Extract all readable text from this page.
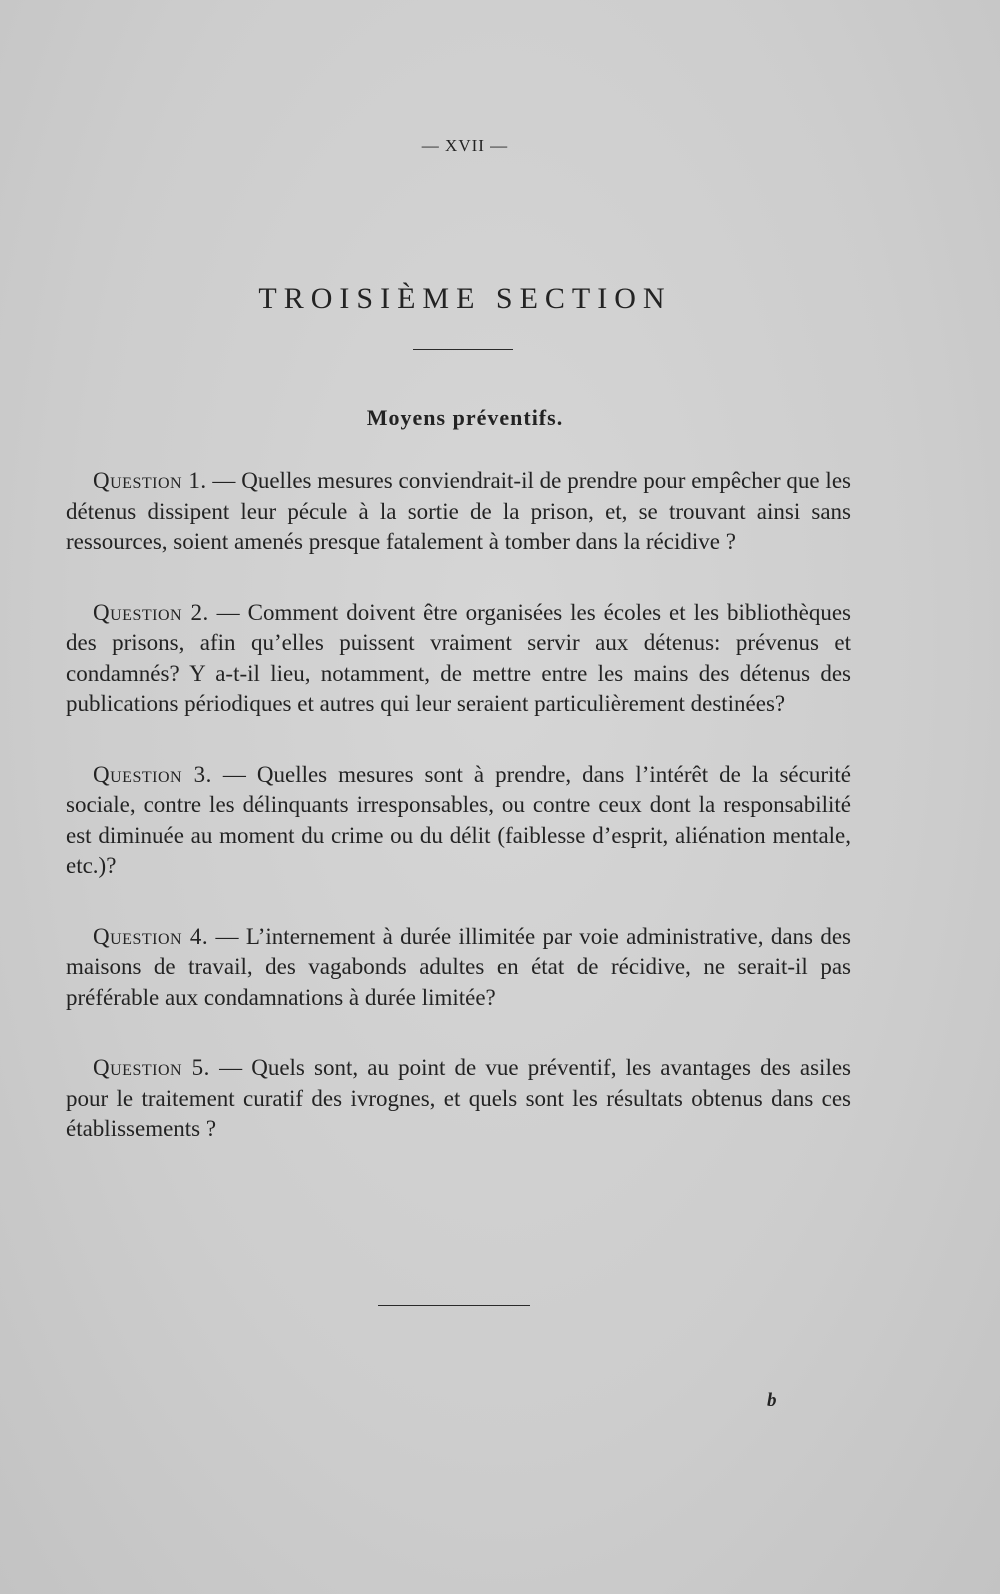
— XVII —
TROISIÈME SECTION
Moyens préventifs.

Question 1. — Quelles mesures conviendrait-il de prendre pour empêcher que les détenus dissipent leur pécule à la sortie de la prison, et, se trouvant ainsi sans ressources, soient amenés presque fatalement à tomber dans la récidive ?

Question 2. — Comment doivent être organisées les écoles et les bibliothèques des prisons, afin qu’elles puissent vraiment servir aux détenus: prévenus et condamnés? Y a-t-il lieu, notamment, de mettre entre les mains des détenus des publications périodiques et autres qui leur seraient particulièrement destinées?

Question 3. — Quelles mesures sont à prendre, dans l’intérêt de la sécurité sociale, contre les délinquants irresponsables, ou contre ceux dont la responsabilité est diminuée au moment du crime ou du délit (faiblesse d’esprit, aliénation mentale, etc.)?

Question 4. — L’internement à durée illimitée par voie administrative, dans des maisons de travail, des vagabonds adultes en état de récidive, ne serait-il pas préférable aux condamnations à durée limitée?

Question 5. — Quels sont, au point de vue préventif, les avantages des asiles pour le traitement curatif des ivrognes, et quels sont les résultats obtenus dans ces établissements ?

b
